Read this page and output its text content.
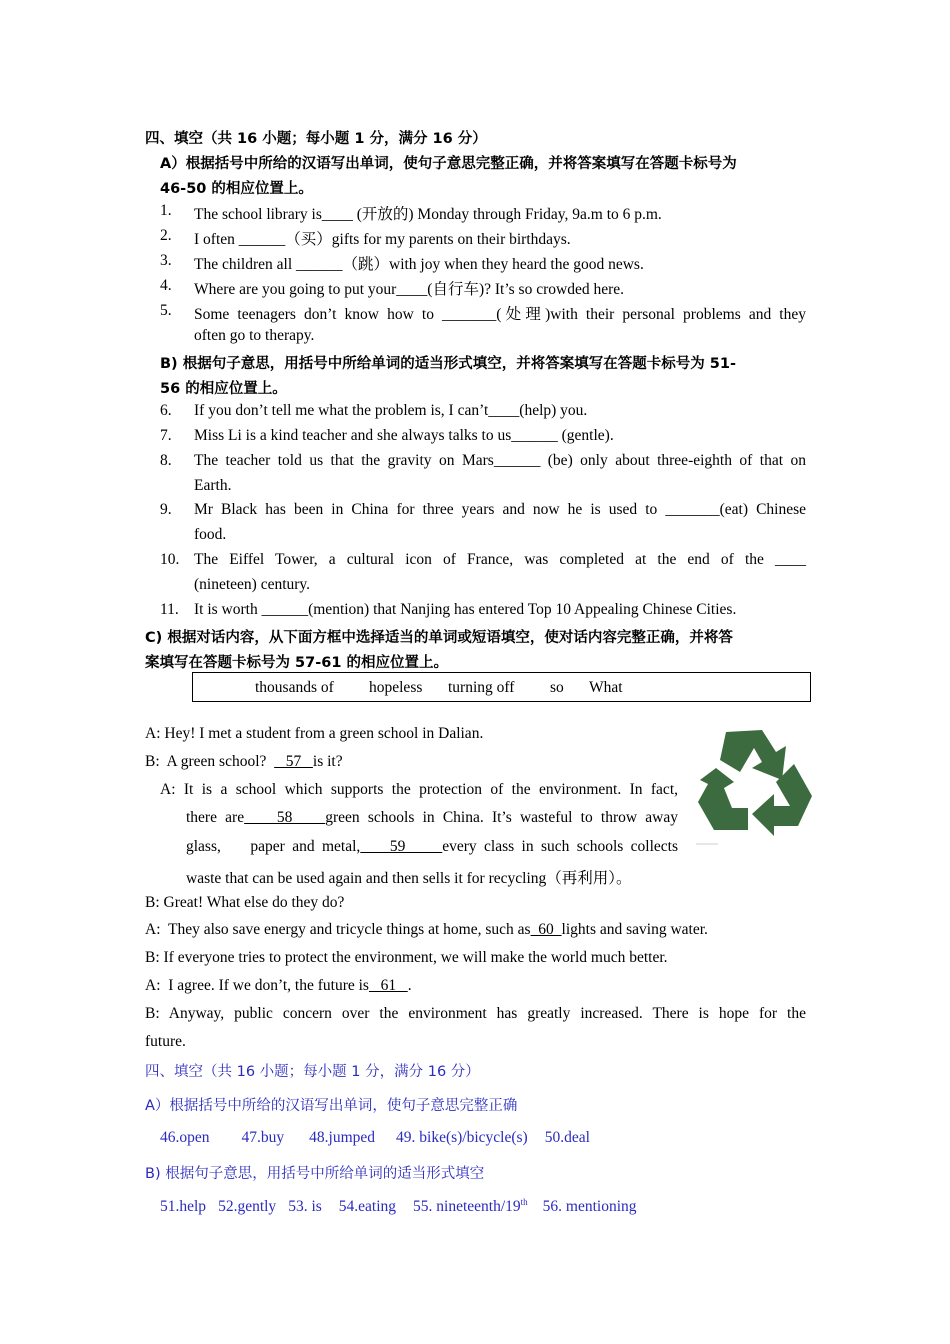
四、填空（共 16 小题；每小题 1 分，满分 16 分）
A）根据括号中所给的汉语写出单词，使句子意思完整正确，并将答案填写在答题卡标号为
46-50 的相应位置上。
1. The school library is____ (开放的) Monday through Friday, 9a.m to 6 p.m.
2. I often ______（买）gifts for my parents on their birthdays.
3. The children all ______（跳）with joy when they heard the good news.
4. Where are you going to put your____(自行车)? It’s so crowded here.
5. Some teenagers don’t know how to _______(处理)with their personal problems and they
often go to therapy.
B) 根据句子意思，用括号中所给单词的适当形式填空，并将答案填写在答题卡标号为 51-
56 的相应位置上。
6. If you don’t tell me what the problem is, I can’t____(help) you.
7. Miss Li is a kind teacher and she always talks to us______ (gentle).
8. The teacher told us that the gravity on Mars______ (be) only about three-eighth of that on
Earth.
9. Mr Black has been in China for three years and now he is used to _______(eat) Chinese
food.
10. The Eiffel Tower, a cultural icon of France, was completed at the end of the ____
(nineteen) century.
11. It is worth ______(mention) that Nanjing has entered Top 10 Appealing Chinese Cities.
C) 根据对话内容，从下面方框中选择适当的单词或短语填空，使对话内容完整正确，并将答
案填写在答题卡标号为 57-61 的相应位置上。
thousands of hopeless turning off so What
A: Hey! I met a student from a green school in Dalian.
B:  A green school?     57   is it?
A: It is a school which supports the protection of the environment. In fact,
there are    58    green schools in China. It’s wasteful to throw away
glass,    paper and metal,    59     every class in such schools collects
waste that can be used again and then sells it for recycling（再利用）。
B: Great! What else do they do?
A:  They also save energy and tricycle things at home, such as  60  lights and saving water.
B: If everyone tries to protect the environment, we will make the world much better.
A:  I agree. If we don’t, the future is   61   .
B: Anyway, public concern over the environment has greatly increased. There is hope for the
future.
四、填空（共 16 小题；每小题 1 分，满分 16 分）
A）根据括号中所给的汉语写出单词，使句子意思完整正确
46.open 47.buy 48.jumped 49. bike(s)/bicycle(s) 50.deal
B) 根据句子意思，用括号中所给单词的适当形式填空
51.help 52.gently 53. is 54.eating 55. nineteenth/19th 56. mentioning
